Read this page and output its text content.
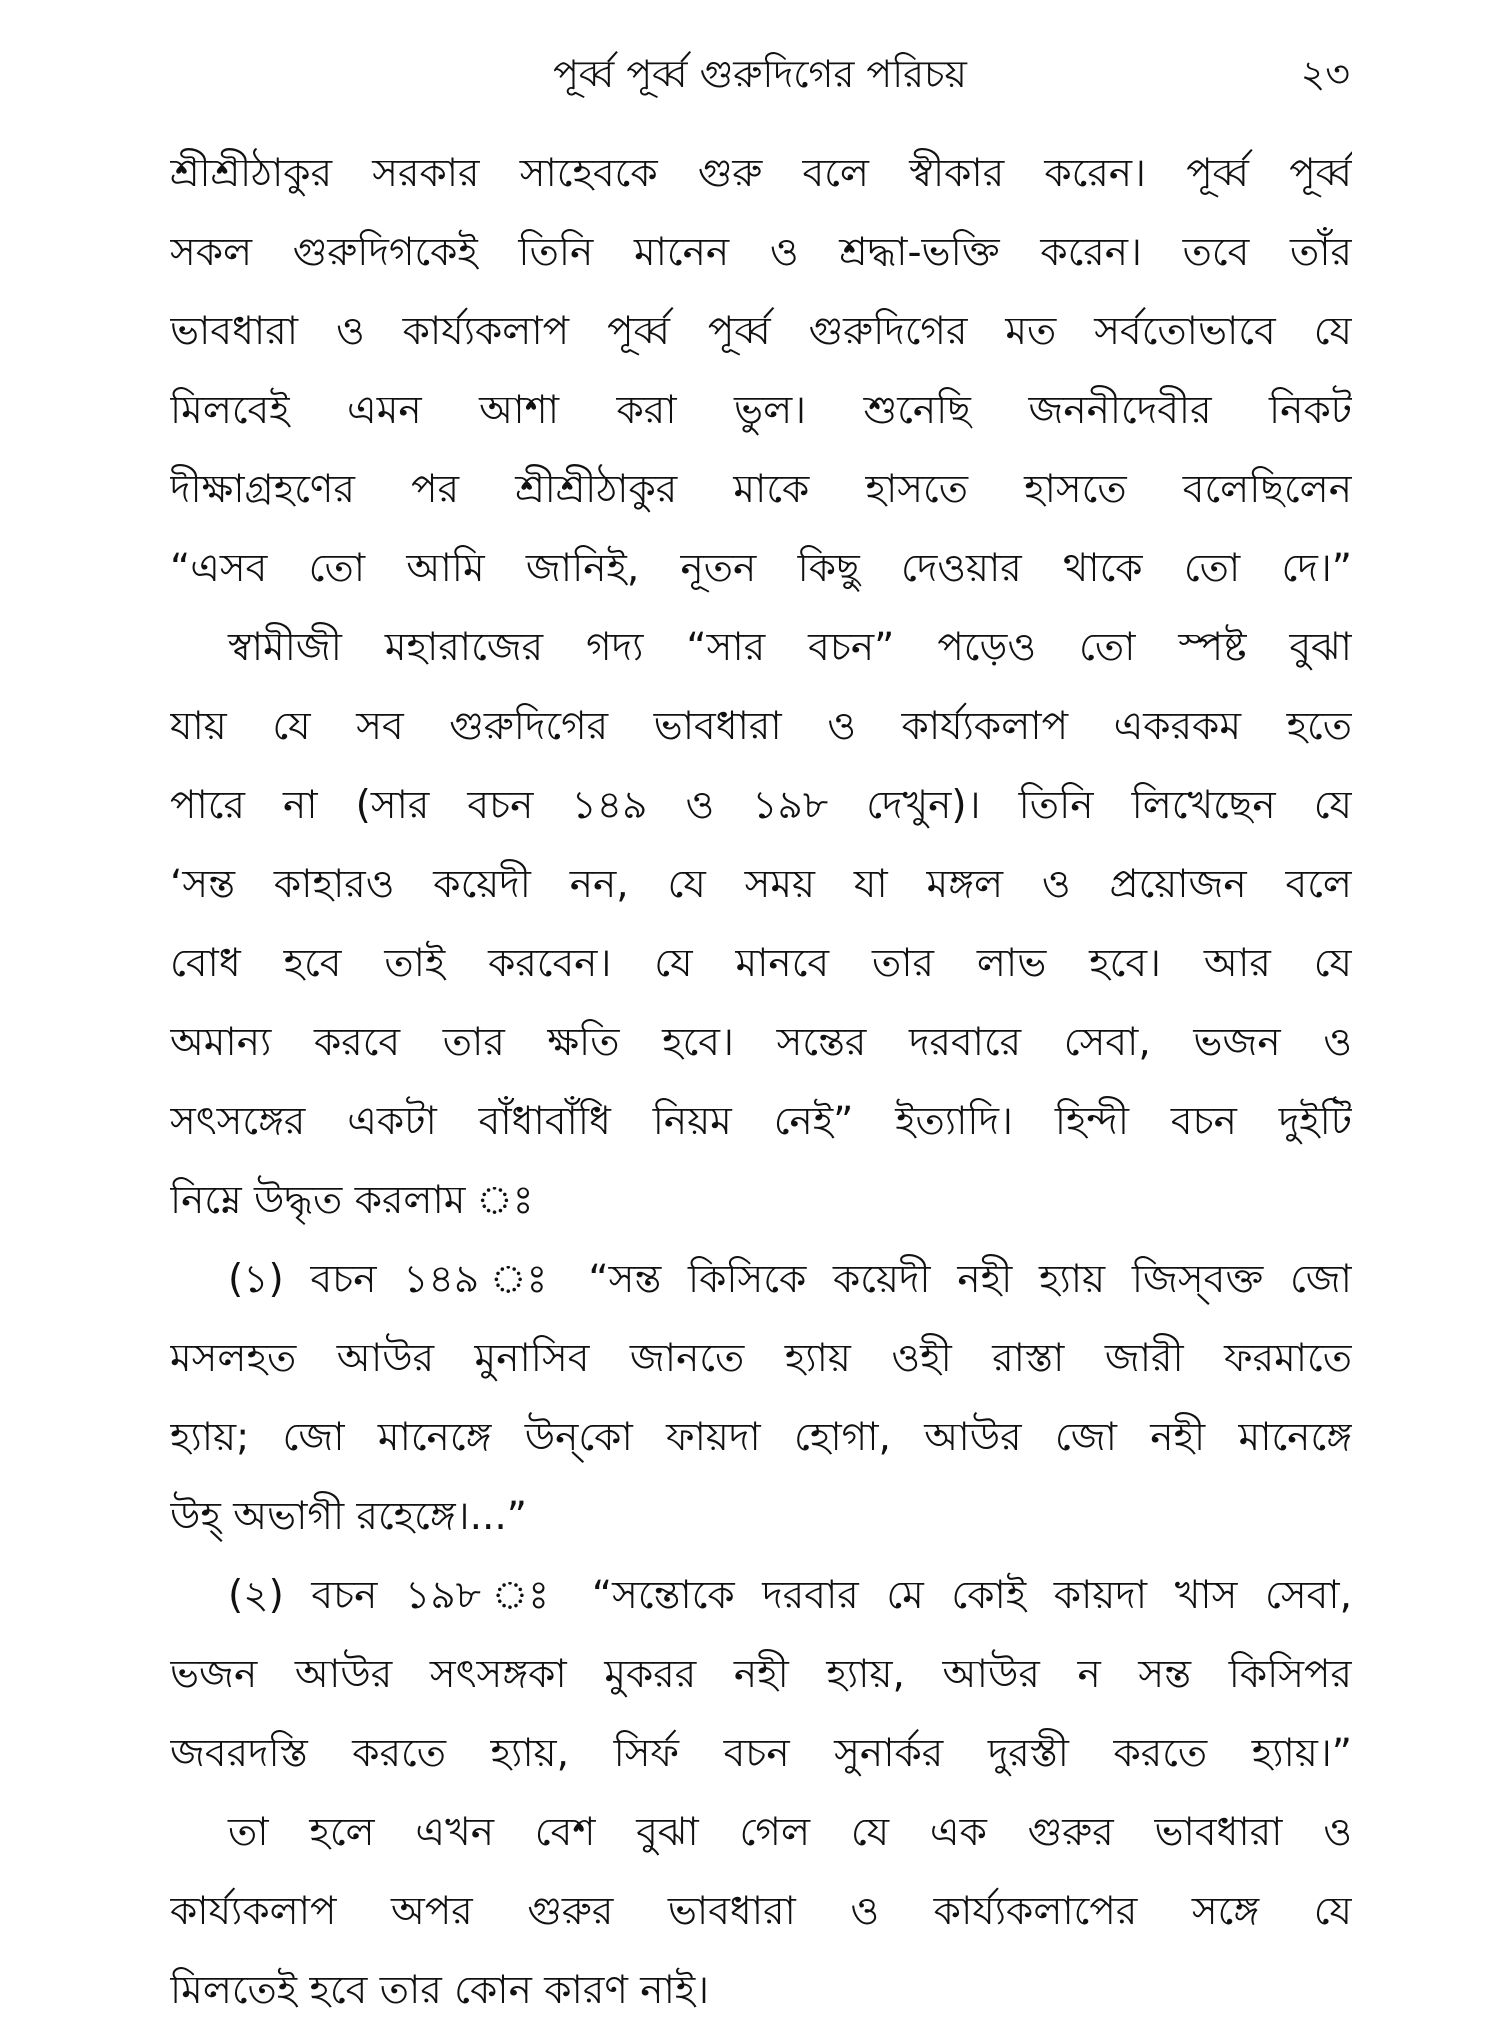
পূর্ব্ব পূর্ব্ব গুরুদিগের পরিচয়	২৩
শ্রীশ্রীঠাকুর সরকার সাহেবকে গুরু বলে স্বীকার করেন। পূর্ব্ব পূর্ব্ব
সকল গুরুদিগকেই তিনি মানেন ও শ্রদ্ধা-ভক্তি করেন। তবে তাঁর
ভাবধারা ও কার্য্যকলাপ পূর্ব্ব পূর্ব্ব গুরুদিগের মত সর্বতোভাবে যে
মিলবেই এমন আশা করা ভুল। শুনেছি জননীদেবীর নিকট
দীক্ষাগ্রহণের পর শ্রীশ্রীঠাকুর মাকে হাসতে হাসতে বলেছিলেন
“এসব তো আমি জানিই, নূতন কিছু দেওয়ার থাকে তো দে।”
স্বামীজী মহারাজের গদ্য “সার বচন” পড়েও তো স্পষ্ট বুঝা
যায় যে সব গুরুদিগের ভাবধারা ও কার্য্যকলাপ একরকম হতে
পারে না (সার বচন ১৪৯ ও ১৯৮ দেখুন)। তিনি লিখেছেন যে
‘সন্ত কাহারও কয়েদী নন, যে সময় যা মঙ্গল ও প্রয়োজন বলে
বোধ হবে তাই করবেন। যে মানবে তার লাভ হবে। আর যে
অমান্য করবে তার ক্ষতি হবে। সন্তের দরবারে সেবা, ভজন ও
সৎসঙ্গের একটা বাঁধাবাঁধি নিয়ম নেই” ইত্যাদি। হিন্দী বচন দুইটি
নিম্নে উদ্ধৃত করলাম ঃ
(১) বচন ১৪৯ ঃ “সন্ত কিসিকে কয়েদী নহী হ্যায় জিস্‌বক্ত জো
মসলহত আউর মুনাসিব জানতে হ্যায় ওহী রাস্তা জারী ফরমাতে
হ্যায়; জো মানেঙ্গে উন্‌কো ফায়দা হোগা, আউর জো নহী মানেঙ্গে
উহ্‌ অভাগী রহেঙ্গে।...”
(২) বচন ১৯৮ ঃ “সন্তোকে দরবার মে কোই কায়দা খাস সেবা,
ভজন আউর সৎসঙ্গকা মুকরর নহী হ্যায়, আউর ন সন্ত কিসিপর
জবরদস্তি করতে হ্যায়, সির্ফ বচন সুনার্কর দুরস্তী করতে হ্যায়।”
তা হলে এখন বেশ বুঝা গেল যে এক গুরুর ভাবধারা ও
কার্য্যকলাপ অপর গুরুর ভাবধারা ও কার্য্যকলাপের সঙ্গে যে
মিলতেই হবে তার কোন কারণ নাই।
